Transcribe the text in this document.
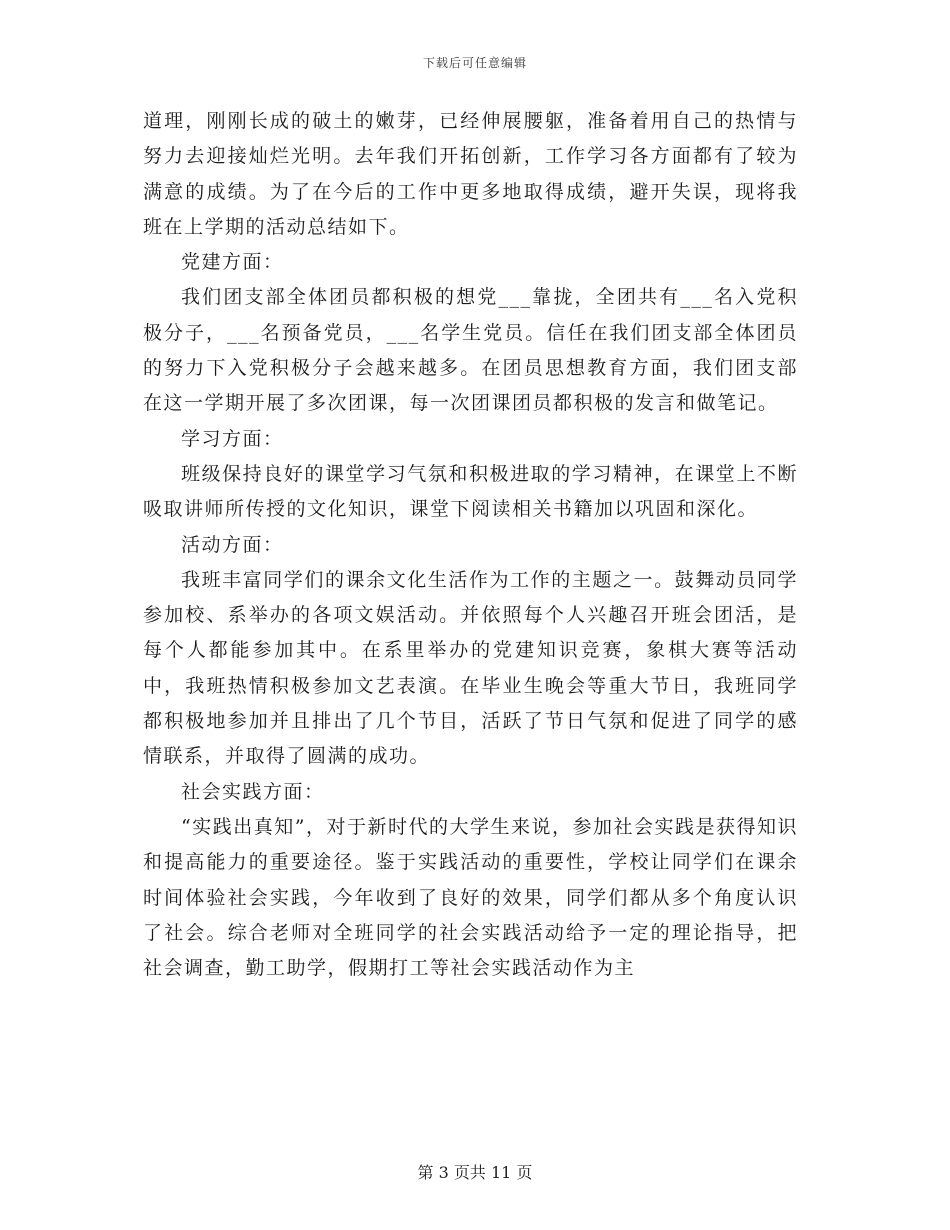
下载后可任意编辑

道理，刚刚长成的破土的嫩芽，已经伸展腰躯，准备着用自己的热情与努力去迎接灿烂光明。去年我们开拓创新，工作学习各方面都有了较为满意的成绩。为了在今后的工作中更多地取得成绩，避开失误，现将我班在上学期的活动总结如下。

党建方面：

我们团支部全体团员都积极的想党___靠拢，全团共有___名入党积极分子，___名预备党员，___名学生党员。信任在我们团支部全体团员的努力下入党积极分子会越来越多。在团员思想教育方面，我们团支部在这一学期开展了多次团课，每一次团课团员都积极的发言和做笔记。

学习方面：

班级保持良好的课堂学习气氛和积极进取的学习精神，在课堂上不断吸取讲师所传授的文化知识，课堂下阅读相关书籍加以巩固和深化。

活动方面：

我班丰富同学们的课余文化生活作为工作的主题之一。鼓舞动员同学参加校、系举办的各项文娱活动。并依照每个人兴趣召开班会团活，是每个人都能参加其中。在系里举办的党建知识竞赛，象棋大赛等活动中，我班热情积极参加文艺表演。在毕业生晚会等重大节日，我班同学都积极地参加并且排出了几个节目，活跃了节日气氛和促进了同学的感情联系，并取得了圆满的成功。

社会实践方面：

“实践出真知”，对于新时代的大学生来说，参加社会实践是获得知识和提高能力的重要途径。鉴于实践活动的重要性，学校让同学们在课余时间体验社会实践，今年收到了良好的效果，同学们都从多个角度认识了社会。综合老师对全班同学的社会实践活动给予一定的理论指导，把社会调查，勤工助学，假期打工等社会实践活动作为主

第 3 页共 11 页
